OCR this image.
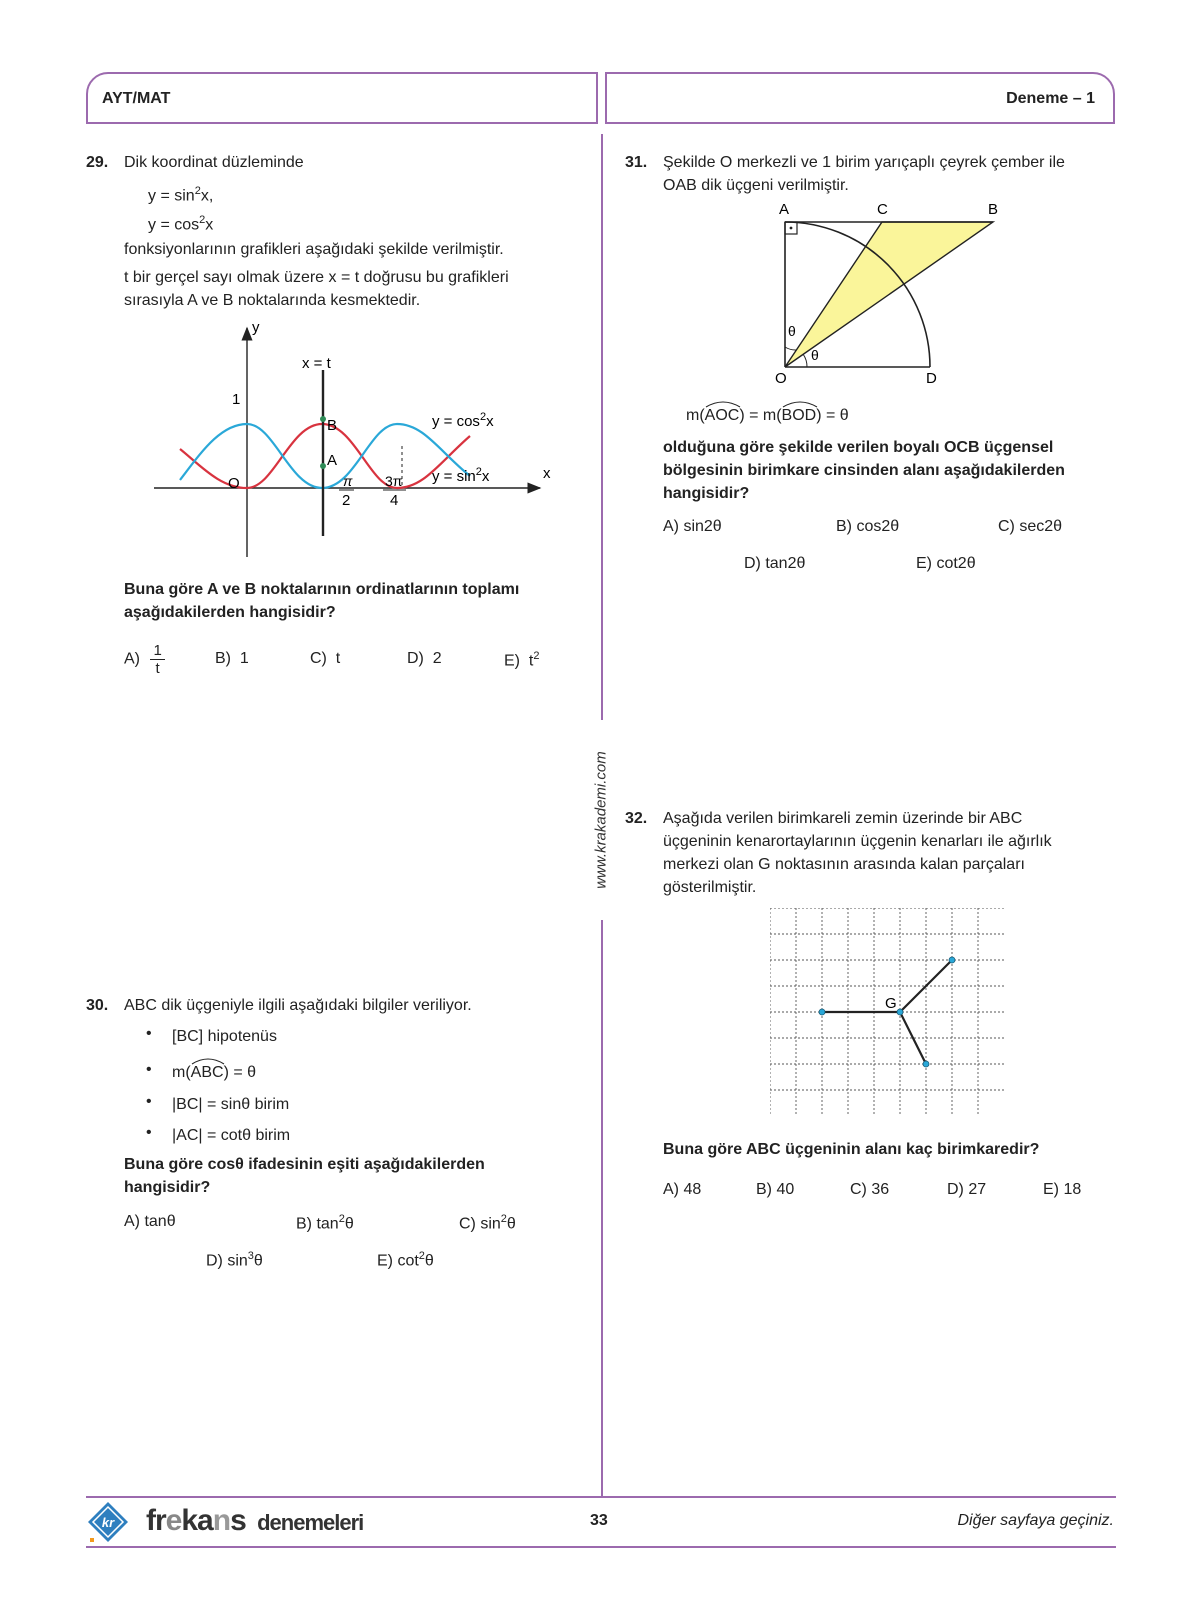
AYT/MAT	Deneme – 1
www.krakademi.com
29. Dik koordinat düzleminde
$y = \sin^2x$,
$y = \cos^2x$
fonksiyonlarının grafikleri aşağıdaki şekilde verilmiştir.
t bir gerçel sayı olmak üzere x = t doğrusu bu grafikleri
sırasıyla A ve B noktalarında kesmektedir.
y
x
x = t
1
O
B
A
π
2
3π
4
$y = \cos^2x$
$y = \sin^2x$
Buna göre A ve B noktalarının ordinatlarının toplamı
aşağıdakilerden hangisidir?
$A) \frac{1}{t}$	B) 1	C) t	D) 2	E) $t^2$
30. ABC dik üçgeniyle ilgili aşağıdaki bilgiler veriliyor.
• [BC] hipotenüs
• m(
ABC) = θ
• |BC| = sinθ birim
• |AC| = cotθ birim
Buna göre cosθ ifadesinin eşiti aşağıdakilerden
hangisidir?
A) tanθ	B) $\tan^2\theta$	C) $\sin^2\theta$
D) $\sin^3\theta$	E) $\cot^2\theta$
31. Şekilde O merkezli ve 1 birim yarıçaplı çeyrek çember ile
OAB dik üçgeni verilmiştir.
A	C	B
O	D
θ
θ
m(
AOC) = m(
BOD) = θ
olduğuna göre şekilde verilen boyalı OCB üçgensel
bölgesinin birimkare cinsinden alanı aşağıdakilerden
hangisidir?
A) sin2θ	B) cos2θ	C) sec2θ
D) tan2θ	E) cot2θ
32. Aşağıda verilen birimkareli zemin üzerinde bir ABC
üçgeninin kenarortaylarının üçgenin kenarları ile ağırlık
merkezi olan G noktasının arasında kalan parçaları
gösterilmiştir.
G
Buna göre ABC üçgeninin alanı kaç birimkaredir?
A) 48	B) 40	C) 36	D) 27	E) 18
kr frekans denemeleri	33	Diğer sayfaya geçiniz.
